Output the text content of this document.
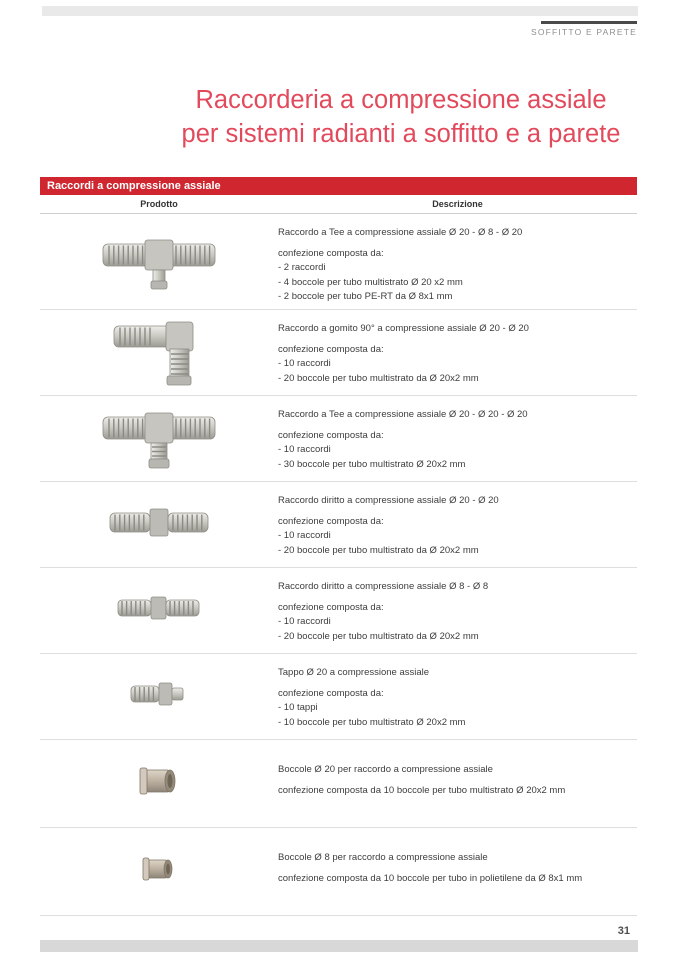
SOFFITTO E PARETE
Raccorderia a compressione assiale
per sistemi radianti a soffitto e a parete
Raccordi a compressione assiale
Prodotto	Descrizione
Raccordo a Tee a compressione assiale Ø 20 - Ø 8 - Ø 20
confezione composta da:
- 2 raccordi
- 4 boccole per tubo multistrato Ø 20 x2 mm
- 2 boccole per tubo PE-RT da Ø 8x1 mm
Raccordo a gomito 90° a compressione assiale Ø 20 - Ø 20
confezione composta da:
- 10 raccordi
- 20 boccole per tubo multistrato da Ø 20x2 mm
Raccordo a Tee a compressione assiale Ø 20 - Ø 20 - Ø 20
confezione composta da:
- 10 raccordi
- 30 boccole per tubo multistrato Ø 20x2 mm
Raccordo diritto a compressione assiale Ø 20 - Ø 20
confezione composta da:
- 10 raccordi
- 20 boccole per tubo multistrato da Ø 20x2 mm
Raccordo diritto a compressione assiale Ø 8 - Ø 8
confezione composta da:
- 10 raccordi
- 20 boccole per tubo multistrato da Ø 20x2 mm
Tappo Ø 20 a compressione assiale
confezione composta da:
- 10 tappi
- 10 boccole per tubo multistrato Ø 20x2 mm
Boccole Ø 20 per raccordo a compressione assiale
confezione composta da 10 boccole per tubo multistrato Ø 20x2 mm
Boccole Ø 8 per raccordo a compressione assiale
confezione composta da 10 boccole per tubo in polietilene da Ø 8x1 mm
31
